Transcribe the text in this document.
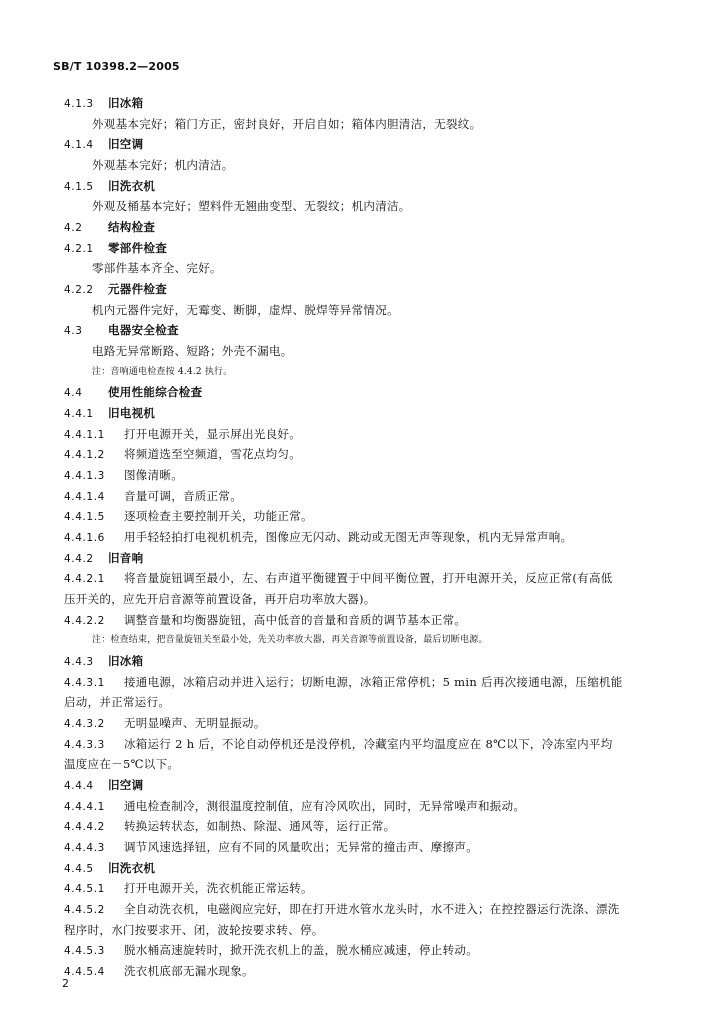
SB/T 10398.2—2005
4.1.3 旧冰箱
外观基本完好；箱门方正，密封良好，开启自如；箱体内胆清洁，无裂纹。
4.1.4 旧空调
外观基本完好；机内清洁。
4.1.5 旧洗衣机
外观及桶基本完好；塑料件无翘曲变型、无裂纹；机内清洁。
4.2 结构检查
4.2.1 零部件检查
零部件基本齐全、完好。
4.2.2 元器件检查
机内元器件完好，无霉变、断脚，虚焊、脱焊等异常情况。
4.3 电器安全检查
电路无异常断路、短路；外壳不漏电。
注：音响通电检查按 4.4.2 执行。
4.4 使用性能综合检查
4.4.1 旧电视机
4.4.1.1 打开电源开关，显示屏出光良好。
4.4.1.2 将频道选至空频道，雪花点均匀。
4.4.1.3 图像清晰。
4.4.1.4 音量可调，音质正常。
4.4.1.5 逐项检查主要控制开关，功能正常。
4.4.1.6 用手轻轻拍打电视机机壳，图像应无闪动、跳动或无图无声等现象，机内无异常声响。
4.4.2 旧音响
4.4.2.1 将音量旋钮调至最小，左、右声道平衡键置于中间平衡位置，打开电源开关，反应正常(有高低
压开关的，应先开启音源等前置设备，再开启功率放大器)。
4.4.2.2 调整音量和均衡器旋钮，高中低音的音量和音质的调节基本正常。
注：检查结束，把音量旋钮关至最小处，先关功率放大器，再关音源等前置设备，最后切断电源。
4.4.3 旧冰箱
4.4.3.1 接通电源，冰箱启动并进入运行；切断电源，冰箱正常停机；5 min 后再次接通电源，压缩机能
启动，并正常运行。
4.4.3.2 无明显噪声、无明显振动。
4.4.3.3 冰箱运行 2 h 后，不论自动停机还是没停机，冷藏室内平均温度应在 8℃以下，冷冻室内平均
温度应在－5℃以下。
4.4.4 旧空调
4.4.4.1 通电检查制冷，测很温度控制值，应有冷风吹出，同时，无异常噪声和振动。
4.4.4.2 转换运转状态，如制热、除湿、通风等，运行正常。
4.4.4.3 调节风速选择钮，应有不同的风量吹出；无异常的撞击声、摩擦声。
4.4.5 旧洗衣机
4.4.5.1 打开电源开关，洗衣机能正常运转。
4.4.5.2 全自动洗衣机，电磁阀应完好，即在打开进水管水龙头时，水不进入；在控控器运行洗涤、漂洗
程序时，水门按要求开、闭，波轮按要求转、停。
4.4.5.3 脱水桶高速旋转时，掀开洗衣机上的盖，脱水桶应减速，停止转动。
4.4.5.4 洗衣机底部无漏水现象。
2
